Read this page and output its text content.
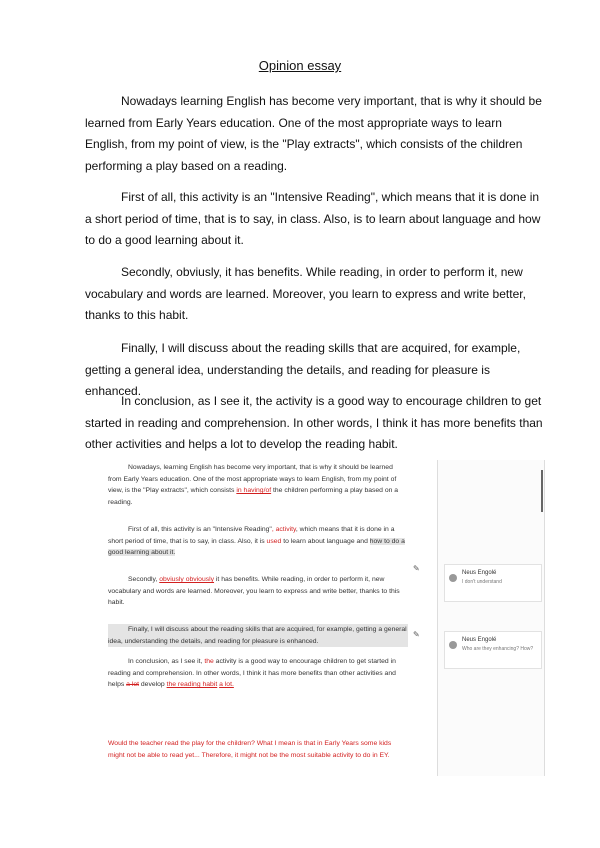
Opinion essay

Nowadays learning English has become very important, that is why it should be learned from Early Years education. One of the most appropriate ways to learn English, from my point of view, is the "Play extracts", which consists of the children performing a play based on a reading.

First of all, this activity is an "Intensive Reading", which means that it is done in a short period of time, that is to say, in class. Also, is to learn about language and how to do a good learning about it.

Secondly, obviusly, it has benefits. While reading, in order to perform it, new vocabulary and words are learned. Moreover, you learn to express and write better, thanks to this habit.

Finally, I will discuss about the reading skills that are acquired, for example, getting a general idea, understanding the details, and reading for pleasure is enhanced.

In conclusion, as I see it, the activity is a good way to encourage children to get started in reading and comprehension. In other words, I think it has more benefits than other activities and helps a lot to develop the reading habit.

Nowadays, learning English has become very important, that is why it should be learned from Early Years education. One of the most appropriate ways to learn English, from my point of view, is the "Play extracts", which consists in having/of the children performing a play based on a reading.

First of all, this activity is an "Intensive Reading", activity, which means that it is done in a short period of time, that is to say, in class. Also, it is used to learn about language and how to do a good learning about it.

Secondly, obviusly obviously it has benefits. While reading, in order to perform it, new vocabulary and words are learned. Moreover, you learn to express and write better, thanks to this habit.

Finally, I will discuss about the reading skills that are acquired, for example, getting a general idea, understanding the details, and reading for pleasure is enhanced.

In conclusion, as I see it, the activity is a good way to encourage children to get started in reading and comprehension. In other words, I think it has more benefits than other activities and helps a lot develop the reading habit a lot.

Would the teacher read the play for the children? What I mean is that in Early Years some kids might not be able to read yet... Therefore, it might not be the most suitable activity to do in EY.

✎
✎
Neus Engolé
I don't understand
Neus Engolé
Who are they enhancing? How?
